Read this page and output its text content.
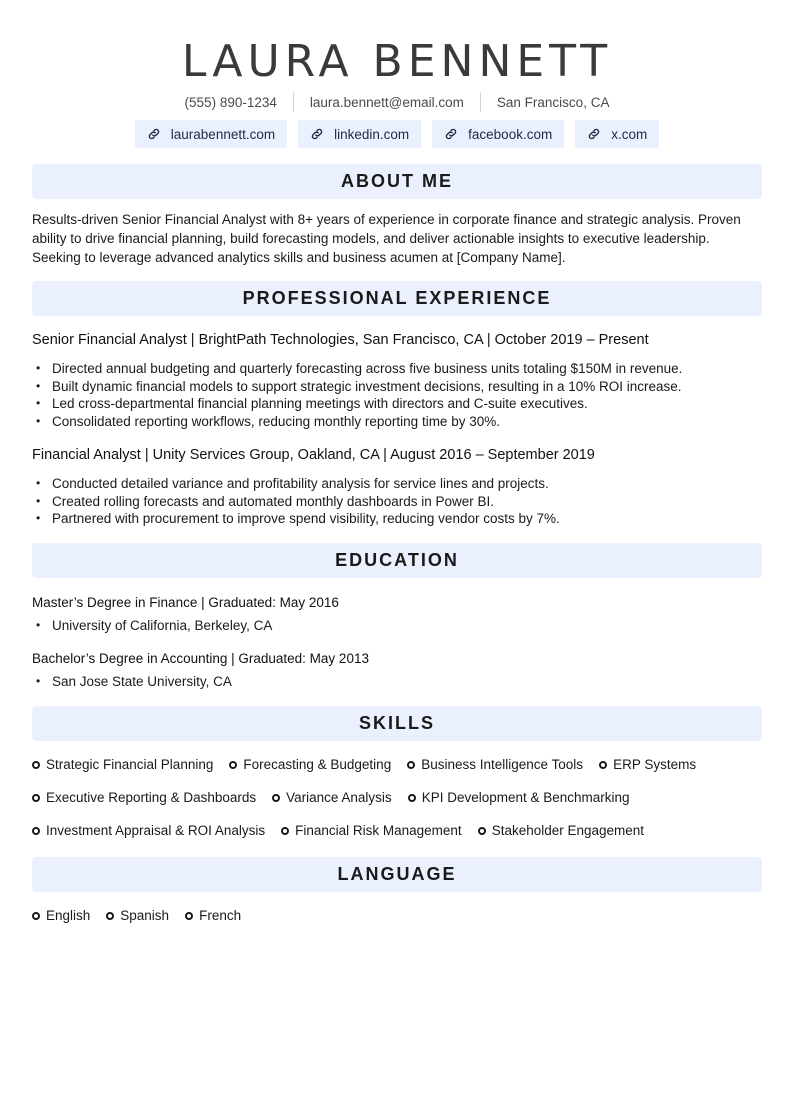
LAURA BENNETT
(555) 890-1234	laura.bennett@email.com	San Francisco, CA
laurabennett.com	linkedin.com	facebook.com	x.com
ABOUT ME
Results-driven Senior Financial Analyst with 8+ years of experience in corporate finance and strategic analysis. Proven ability to drive financial planning, build forecasting models, and deliver actionable insights to executive leadership. Seeking to leverage advanced analytics skills and business acumen at [Company Name].
PROFESSIONAL EXPERIENCE
Senior Financial Analyst | BrightPath Technologies, San Francisco, CA | October 2019 – Present
• Directed annual budgeting and quarterly forecasting across five business units totaling $150M in revenue.
• Built dynamic financial models to support strategic investment decisions, resulting in a 10% ROI increase.
• Led cross-departmental financial planning meetings with directors and C-suite executives.
• Consolidated reporting workflows, reducing monthly reporting time by 30%.
Financial Analyst | Unity Services Group, Oakland, CA | August 2016 – September 2019
• Conducted detailed variance and profitability analysis for service lines and projects.
• Created rolling forecasts and automated monthly dashboards in Power BI.
• Partnered with procurement to improve spend visibility, reducing vendor costs by 7%.
EDUCATION
Master’s Degree in Finance | Graduated: May 2016
• University of California, Berkeley, CA
Bachelor’s Degree in Accounting | Graduated: May 2013
• San Jose State University, CA
SKILLS
Strategic Financial Planning Forecasting & Budgeting Business Intelligence Tools ERP Systems
Executive Reporting & Dashboards Variance Analysis KPI Development & Benchmarking
Investment Appraisal & ROI Analysis Financial Risk Management Stakeholder Engagement
LANGUAGE
English Spanish French
